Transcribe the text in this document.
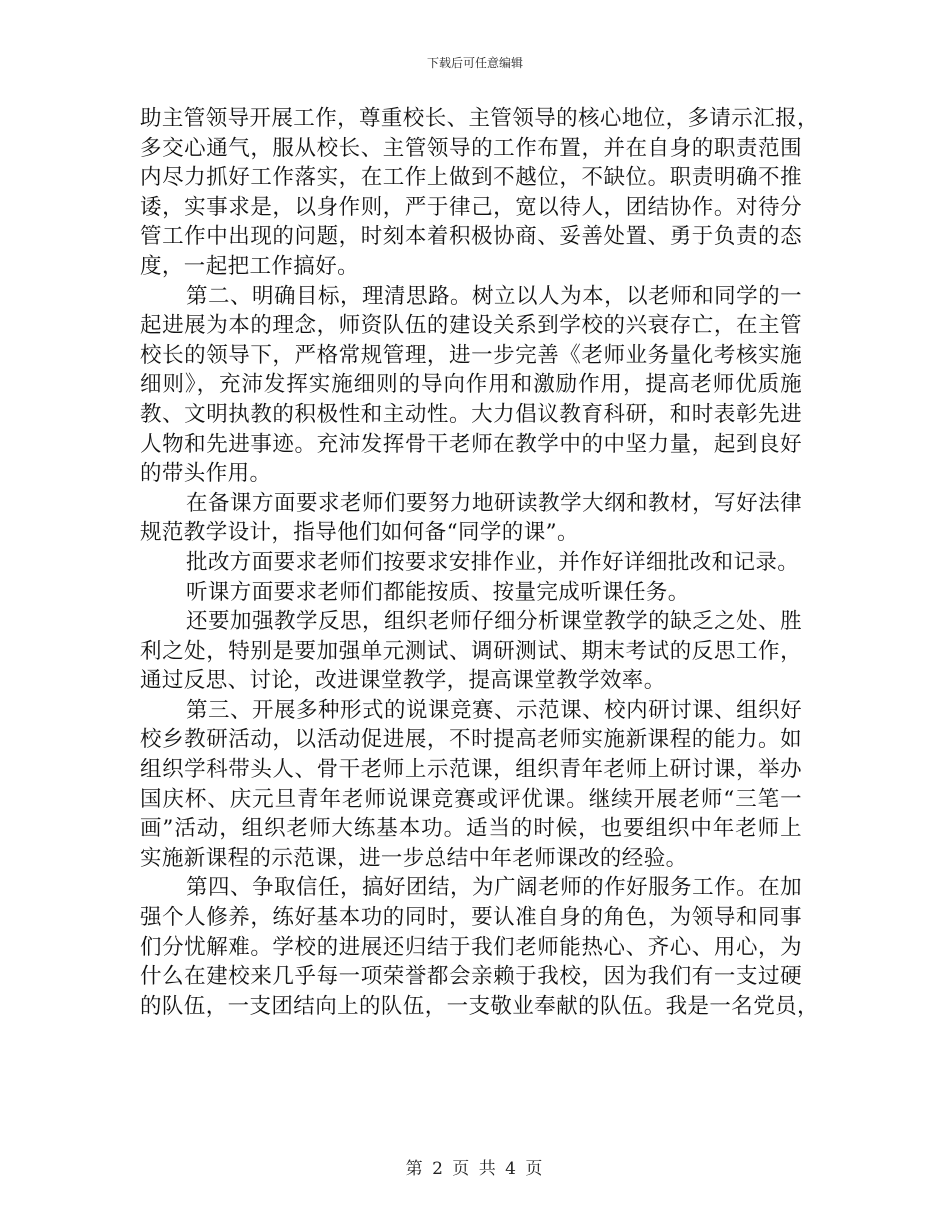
下载后可任意编辑
助主管领导开展工作，尊重校长、主管领导的核心地位，多请示汇报，
多交心通气，服从校长、主管领导的工作布置，并在自身的职责范围
内尽力抓好工作落实，在工作上做到不越位，不缺位。职责明确不推
诿，实事求是，以身作则，严于律己，宽以待人，团结协作。对待分
管工作中出现的问题，时刻本着积极协商、妥善处置、勇于负责的态
度，一起把工作搞好。
第二、明确目标，理清思路。树立以人为本，以老师和同学的一
起进展为本的理念，师资队伍的建设关系到学校的兴衰存亡，在主管
校长的领导下，严格常规管理，进一步完善《老师业务量化考核实施
细则》，充沛发挥实施细则的导向作用和激励作用，提高老师优质施
教、文明执教的积极性和主动性。大力倡议教育科研，和时表彰先进
人物和先进事迹。充沛发挥骨干老师在教学中的中坚力量，起到良好
的带头作用。
在备课方面要求老师们要努力地研读教学大纲和教材，写好法律
规范教学设计，指导他们如何备“同学的课”。
批改方面要求老师们按要求安排作业，并作好详细批改和记录。
听课方面要求老师们都能按质、按量完成听课任务。
还要加强教学反思，组织老师仔细分析课堂教学的缺乏之处、胜
利之处，特别是要加强单元测试、调研测试、期末考试的反思工作，
通过反思、讨论，改进课堂教学，提高课堂教学效率。
第三、开展多种形式的说课竞赛、示范课、校内研讨课、组织好
校乡教研活动，以活动促进展，不时提高老师实施新课程的能力。如
组织学科带头人、骨干老师上示范课，组织青年老师上研讨课，举办
国庆杯、庆元旦青年老师说课竞赛或评优课。继续开展老师“三笔一
画”活动，组织老师大练基本功。适当的时候，也要组织中年老师上
实施新课程的示范课，进一步总结中年老师课改的经验。
第四、争取信任，搞好团结，为广阔老师的作好服务工作。在加
强个人修养，练好基本功的同时，要认准自身的角色，为领导和同事
们分忧解难。学校的进展还归结于我们老师能热心、齐心、用心，为
什么在建校来几乎每一项荣誉都会亲赖于我校，因为我们有一支过硬
的队伍，一支团结向上的队伍，一支敬业奉献的队伍。我是一名党员，
第 2 页 共 4 页
